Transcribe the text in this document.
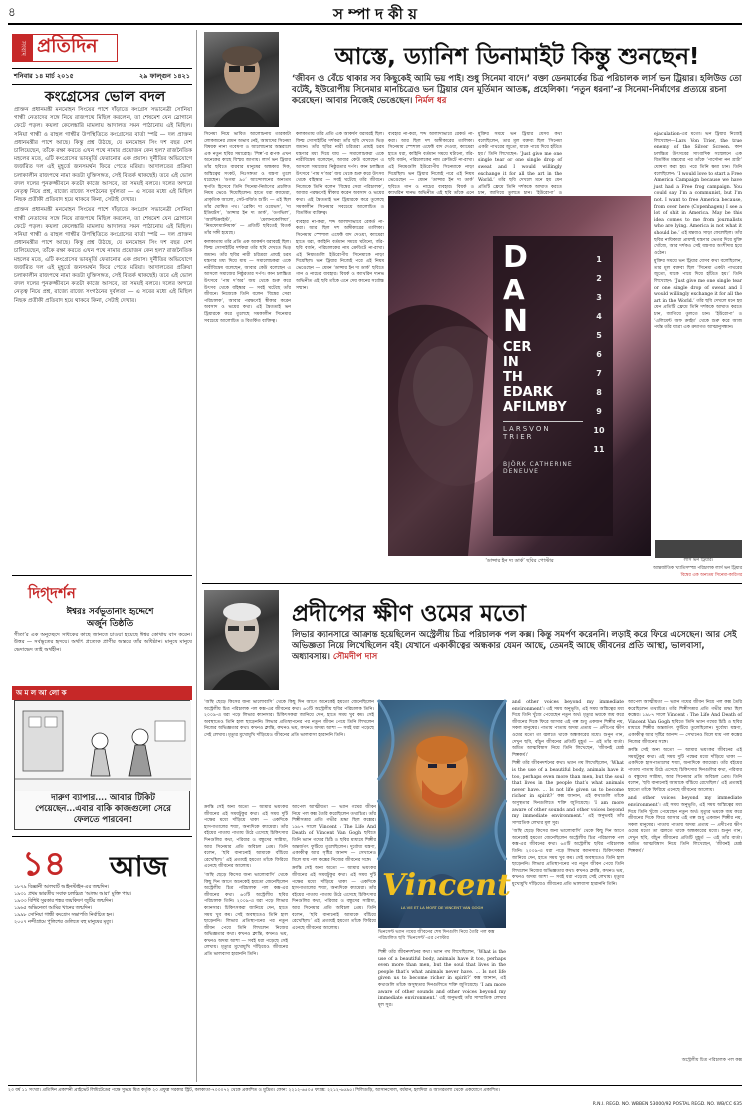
৪	স ম্পা দ কী য়
সংবাদ প্রতিদিন
শনিবার ১৪ মার্চ ২০১৫	২৯ ফাল্গুন ১৪২১
কংগ্রেসের ভোল বদল

প্রাক্তন প্রধানমন্ত্রী মনমোহন সিংয়ের পাশে দাঁড়াতে কংগ্রেস সভানেত্রী সোনিয়া গান্ধী নেতাদের সঙ্গে নিয়ে রাজপথে মিছিল করলেন, তা শেষমেশ যেন স্লোগানে ফেটে পড়ল। কয়লা কেলেঙ্কারি মামলায় আদালত সমন পাঠানোয় এই মিছিল। সনিয়া গান্ধী ও রাহুল গান্ধীর উপস্থিতিতে কংগ্রেসের বার্তা স্পষ্ট — দল প্রাক্তন প্রধানমন্ত্রীর পাশে আছে। কিন্তু প্রশ্ন উঠছে, যে মনমোহন সিং দশ বছর দেশ চালিয়েছেন, তাঁকে রক্ষা করতে এখন পথে নামার প্রয়োজন কেন হল? রাজনৈতিক মহলের মতে, এটি কংগ্রেসের ভাবমূর্তি ফেরানোর এক প্রয়াস। দুর্নীতির অভিযোগে জর্জরিত দল এই মুহূর্তে জনসমর্থন ফিরে পেতে মরিয়া। আদালতের প্রক্রিয়া চলাকালীন রাজপথে নামা কতটা যুক্তিসঙ্গত, সেই বিতর্ক থাকছেই। তবে এই ভোল বদল দলের পুনরুজ্জীবনে কতটা কাজে আসবে, তা সময়ই বলবে। দলের অন্দরে নেতৃত্ব নিয়ে প্রশ্ন, রাজ্যে রাজ্যে সংগঠনের দুর্বলতা — এ সবের মধ্যে এই মিছিল নিছক প্রতীকী প্রতিবাদ হয়ে থাকবে কিনা, সেটাই দেখার।

প্রাক্তন প্রধানমন্ত্রী মনমোহন সিংয়ের পাশে দাঁড়াতে কংগ্রেস সভানেত্রী সোনিয়া গান্ধী নেতাদের সঙ্গে নিয়ে রাজপথে মিছিল করলেন, তা শেষমেশ যেন স্লোগানে ফেটে পড়ল। কয়লা কেলেঙ্কারি মামলায় আদালত সমন পাঠানোয় এই মিছিল। সনিয়া গান্ধী ও রাহুল গান্ধীর উপস্থিতিতে কংগ্রেসের বার্তা স্পষ্ট — দল প্রাক্তন প্রধানমন্ত্রীর পাশে আছে। কিন্তু প্রশ্ন উঠছে, যে মনমোহন সিং দশ বছর দেশ চালিয়েছেন, তাঁকে রক্ষা করতে এখন পথে নামার প্রয়োজন কেন হল? রাজনৈতিক মহলের মতে, এটি কংগ্রেসের ভাবমূর্তি ফেরানোর এক প্রয়াস। দুর্নীতির অভিযোগে জর্জরিত দল এই মুহূর্তে জনসমর্থন ফিরে পেতে মরিয়া। আদালতের প্রক্রিয়া চলাকালীন রাজপথে নামা কতটা যুক্তিসঙ্গত, সেই বিতর্ক থাকছেই। তবে এই ভোল বদল দলের পুনরুজ্জীবনে কতটা কাজে আসবে, তা সময়ই বলবে। দলের অন্দরে নেতৃত্ব নিয়ে প্রশ্ন, রাজ্যে রাজ্যে সংগঠনের দুর্বলতা — এ সবের মধ্যে এই মিছিল নিছক প্রতীকী প্রতিবাদ হয়ে থাকবে কিনা, সেটাই দেখার।

দিগ্‌দর্শন
ঈশ্বরঃ সর্বভূতানাং হৃদ্দেশে
অর্জুন তিষ্ঠতি
গীতা’র এক অনুচ্ছেদে সাধকের কাছে জানতে চাওয়া হয়েছে ঈশ্বর কোথায় বাস করেন। উত্তর — সর্বভূতের হৃদয়ে। অর্থাৎ প্রত্যেক প্রাণীর অন্তরে তাঁর অধিষ্ঠান। মানুষে মানুষে ভেদাভেদ তাই অর্থহীন।
অ ম ল আ লো ক
দারুণ ব্যাপার.... আবার টিকিট পেয়েছেন...এবার বাকি কাজগুলো সেরে ফেলতে পারবেন!
১৪ আজ
১৮৭৯ বিজ্ঞানী আলবার্ট আইনস্টাইন-এর জন্মদিন।
১৯৩১ প্রথম ভারতীয় সবাক চলচ্চিত্র ‘আলম আরা’ মুক্তি পায়।
১৯৩৩ বিশিষ্ট সুরকার শঙ্কর জয়কিষণ জুটির জন্মদিন।
১৯৬৫ অভিনেতা আমির খানের জন্মদিন।
১৯৯৮ সোনিয়া গান্ধী কংগ্রেস সভাপতি নির্বাচিত হন।
২০০৭ নন্দীগ্রামে পুলিশের গুলিতে বহু মানুষের মৃত্যু।
আস্তে, ড্যানিশ ডিনামাইট কিন্তু শুনছেন!
‘জীবন ও বেঁচে থাকার সব কিছুকেই আমি ভয় পাই। শুধু সিনেমা বাদে।’ বক্তা ডেনমার্কের চিত্র পরিচালক লার্স ভন ট্রিয়ার। হলিউড তো বটেই, ইউরোপীয় সিনেমার মানচিত্রেও ভন ট্রিয়ার যেন মূর্তিমান আতঙ্ক, প্রহেলিকা। ‘নতুন ধরনা’-র সিনেমা-নির্মাণের প্রত্যয়ে রচনা করেছেন। আবার নিজেই ভেঙেছেন। নির্মল ধর

সিনেমা নিয়ে ভাবিত আলোচনায় তারকাটা লোকজনের যেমন অভাব নেই, আমাদের সিনেমা বিষয়ক নানা গবেষণা ও আলোচনার অন্তরালে এক নতুন ছবির সমারোহ। ‘শিল্প’-র রূপক এখন অনেকের কাছে বিস্ময় জাগায়। লার্স ভন ট্রিয়ার তাঁর ছবিতে বারবার মানুষের অন্ধকার দিক, অস্তিত্বের সংকট, নিঃসঙ্গতা ও যন্ত্রণা তুলে ধরেছেন। ‘ডগমা ৯৫’ আন্দোলনের অন্যতম স্থপতি হিসেবে তিনি সিনেমা-নির্মাণের প্রচলিত নিয়ম ভেঙে দিয়েছিলেন। হাতে ধরা ক্যামেরা, প্রাকৃতিক আলো, সেট-বর্জিত শুটিং — এই ছিল তাঁর ঘোষিত পথ। ‘ব্রেকিং দ্য ওয়েভস’, ‘দ্য ইডিয়টস’, ‘ডান্সার ইন দ্য ডার্ক’, ‘ডগভিল’, ‘অ্যান্টিক্রাইস্ট’, ‘মেলানকোলিয়া’, ‘নিমফোম্যানিয়াক’ — প্রতিটি ছবিতেই বিতর্ক তাঁর সঙ্গী হয়েছে।

কলকাতায় তাঁর প্রতি এক আকর্ষণ বরাবরই ছিল। ফিল্ম সোসাইটির দর্শকরা তাঁর ছবি দেখতে ভিড় জমান। তাঁর ছবির নারী চরিত্ররা প্রায়ই চরম যন্ত্রণার মধ্য দিয়ে যায় — সমালোচকরা একে নারীবিদ্বেষ বলেছেন, আবার কেউ বলেছেন এ আসলে সমাজের নিষ্ঠুরতার দর্পণ। কান চলচ্চিত্র উৎসবে ‘পাম দ’অর’ জয় থেকে শুরু করে উৎসব থেকে বহিষ্কার — সবই ঘটেছে তাঁর জীবনে। নিজেকে তিনি বলেন ‘বিশ্বের সেরা পরিচালক’, আবার পরক্ষণেই স্বীকার করেন অবসাদ ও ভয়ের কথা। এই দ্বৈততাই ভন ট্রিয়ারকে করে তুলেছে সমকালীন সিনেমার সবচেয়ে আলোচিত ও বিতর্কিত ব্যক্তিত্ব।

কলকাতায় তাঁর প্রতি এক আকর্ষণ বরাবরই ছিল। ফিল্ম সোসাইটির দর্শকরা তাঁর ছবি দেখতে ভিড় জমান। তাঁর ছবির নারী চরিত্ররা প্রায়ই চরম যন্ত্রণার মধ্য দিয়ে যায় — সমালোচকরা একে নারীবিদ্বেষ বলেছেন, আবার কেউ বলেছেন এ আসলে সমাজের নিষ্ঠুরতার দর্পণ। কান চলচ্চিত্র উৎসবে ‘পাম দ’অর’ জয় থেকে শুরু করে উৎসব থেকে বহিষ্কার — সবই ঘটেছে তাঁর জীবনে। নিজেকে তিনি বলেন ‘বিশ্বের সেরা পরিচালক’, আবার পরক্ষণেই স্বীকার করেন অবসাদ ও ভয়ের কথা। এই দ্বৈততাই ভন ট্রিয়ারকে করে তুলেছে সমকালীন সিনেমার সবচেয়ে আলোচিত ও বিতর্কিত ব্যক্তিত্ব।

ব্যবহার না-করা, শব্দ আলাদাভাবে রেকর্ড না-করা। আর ছিল দশ অঙ্গীকারের তালিকা। সিনেমায় স্পেশাল এফেক্ট বাদ দেওয়া, ক্যামেরা হাতে ধরা, কাহিনি বর্তমান সময়ে ঘটানো, জঁর-ছবি বর্জন, পরিচালকের নাম ক্রেডিটে না-রাখা। এই নিয়মগুলি ইউরোপীয় সিনেমাকে নাড়া দিয়েছিল। ভন ট্রিয়ার নিজেই পরে এই নিয়ম ভেঙেছেন — যেমন ‘ডান্সার ইন দ্য ডার্ক’ ছবিতে গান ও নাচের ব্যবহার। বিয়র্ক ও ক্যাথরিন দ্যনভ অভিনীত এই ছবি তাঁকে এনে দেয় কানের সর্বোচ্চ সম্মান।

ব্যবহার না-করা, শব্দ আলাদাভাবে রেকর্ড না-করা। আর ছিল দশ অঙ্গীকারের তালিকা। সিনেমায় স্পেশাল এফেক্ট বাদ দেওয়া, ক্যামেরা হাতে ধরা, কাহিনি বর্তমান সময়ে ঘটানো, জঁর-ছবি বর্জন, পরিচালকের নাম ক্রেডিটে না-রাখা। এই নিয়মগুলি ইউরোপীয় সিনেমাকে নাড়া দিয়েছিল। ভন ট্রিয়ার নিজেই পরে এই নিয়ম ভেঙেছেন — যেমন ‘ডান্সার ইন দ্য ডার্ক’ ছবিতে গান ও নাচের ব্যবহার। বিয়র্ক ও ক্যাথরিন দ্যনভ অভিনীত এই ছবি তাঁকে এনে

মুক্তির সময়ে ভন ট্রিয়ার যেসব কথা বলেছিলেন, তার মূল বক্তব্য ছিল ‘সিনেমা একটা পাথরের জুতো, যাকে পায়ে দিয়ে হাঁটতে হয়।’ তিনি লিখেছেন: ‘Just give me one single tear or one single drop of sweat and I would willingly exchange it for all the art in the World.’ তাঁর ছবি দেখলে মনে হয় যেন প্রতিটি ফ্রেমে তিনি দর্শককে আঘাত করতে চান, জাগিয়ে তুলতে চান। ‘ইউরোপা’ ও

ejaculation-এর মতো। ভন ট্রিয়ার নিজেই লিখেছেন—Lars Von Trier, the true enemy of the Silver Screen. কান চলচ্চিত্র উৎসবের সাংবাদিক সম্মেলনে এক বিতর্কিত মন্তব্যের পর তাঁকে ‘পার্সোনা নন গ্রাটা’ ঘোষণা করা হয়। পরে তিনি ক্ষমা চান। তিনি বলেছিলেন: ‘I would love to start a Free America Campaign because we have just had a Free frog campaign. You could say I’m a communist, but I’m not. I want to free America because, from over here (Copenhagen) I see a lot of shit in America. May be this idea comes to me from journalists who are lying. America is not what it should be.’ এই মন্তব্যও সাড়া ফেলেছিল। তাঁর ছবির নায়িকারা প্রায়শই যন্ত্রণার ভেতর দিয়ে মুক্তি খোঁজে, আর দর্শকও সেই যন্ত্রণার অংশীদার হয়ে ওঠেন।

মুক্তির সময়ে ভন ট্রিয়ার যেসব কথা বলেছিলেন, তার মূল বক্তব্য ছিল ‘সিনেমা একটা পাথরের জুতো, যাকে পায়ে দিয়ে হাঁটতে হয়।’ তিনি লিখেছেন: ‘Just give me one single tear or one single drop of sweat and I would willingly exchange it for all the art in the World.’ তাঁর ছবি দেখলে মনে হয় যেন প্রতিটি ফ্রেমে তিনি দর্শককে আঘাত করতে চান, জাগিয়ে তুলতে চান। ‘ইউরোপা’ ও ‘এলিমেন্ট অফ ক্রাইম’ থেকে শুরু করে আজ পর্যন্ত তাঁর যাত্রা এক ক্রমাগত আত্মানুসন্ধান।

D
A
N
CER
IN
TH
EDARK
AFILMBY
LARSVON TRIER
BJÖRK CATHERINE DENEUVE
1
2
3
4
5
6
7
8
9
10
11
‘ডান্সার ইন দ্য ডার্ক’ ছবির পোস্টার	লার্স ভন ট্রিয়ার।
আন্তর্জাতিক খ্যাতিসম্পন্ন পরিচালক লার্স ভন ট্রিয়ার
বিশ্বের এক অন্যতম সিনেমা-কারিগর
প্রদীপের ক্ষীণ ওমের মতো
লিভার ক্যানসারে আক্রান্ত হয়েছিলেন অস্ট্রেলীয় চিত্র পরিচালক পল কক্স। কিন্তু সমর্পণ করেননি। লড়াই করে ফিরে এসেছেন। আর সেই অভিজ্ঞতা নিয়ে লিখেছিলেন বই। যেখানে একাকীত্বের অন্ধকার যেমন আছে, তেমনই আছে জীবনের প্রতি আস্থা, ভালবাসা, অধ্যাবসায়। সৌমদীপ দাস

‘অস্থি ছেড়ে কিসের জন্য ভালোবাসি’ থেকে কিছু দিন আগে অনেকেই হয়তো জেনেছিলেন অস্ট্রেলীয় চিত্র পরিচালক পল কক্স-এর জীবনের কথা। ৬০টি অস্ট্রেলীয় ছবির পরিচালক তিনি। ২০০৯-এ ধরা পড়ে লিভার ক্যানসার। চিকিৎসকরা জানিয়ে দেন, হাতে সময় খুব কম। সেই অবস্থাতেও তিনি হাল ছাড়েননি। লিভার প্রতিস্থাপনের পর নতুন জীবন পেয়ে তিনি লিখলেন নিজের অভিজ্ঞতার কথা। কখনও ক্লান্তি, কখনও ভয়, কখনও অদম্য আশা — সবই ধরা পড়েছে সেই লেখায়। মৃত্যুর মুখোমুখি দাঁড়িয়েও জীবনের প্রতি ভালবাসা হারাননি তিনি।

ক্রান্তি সেই অন্য অতো — আমার ভয়ংকর জীবনের এই সময়টুকুর কথা। এই সময় দুটি পক্ষের মধ্যে দাঁড়িয়ে থাকা — একদিকে হাসপাতালের শয্যা, অন্যদিকে ক্যামেরা। তাঁর বইয়ের পাতায় পাতায় উঠে এসেছে চিকিৎসার দিনগুলির কথা, পরিবার ও বন্ধুদের সান্নিধ্য, আর সিনেমার প্রতি অবিচল প্রেম। তিনি বলেন, ‘ছবি বানানোই আমাকে বাঁচিয়ে রেখেছিল।’ এই প্রত্যয়ই হয়তো তাঁকে ফিরিয়ে এনেছে জীবনের আলোয়।

‘অস্থি ছেড়ে কিসের জন্য ভালোবাসি’ থেকে কিছু দিন আগে অনেকেই হয়তো জেনেছিলেন অস্ট্রেলীয় চিত্র পরিচালক পল কক্স-এর জীবনের কথা। ৬০টি অস্ট্রেলীয় ছবির পরিচালক তিনি। ২০০৯-এ ধরা পড়ে লিভার ক্যানসার। চিকিৎসকরা জানিয়ে দেন, হাতে সময় খুব কম। সেই অবস্থাতেও তিনি হাল ছাড়েননি। লিভার প্রতিস্থাপনের পর নতুন জীবন পেয়ে তিনি লিখলেন নিজের অভিজ্ঞতার কথা। কখনও ক্লান্তি, কখনও ভয়, কখনও অদম্য আশা — সবই ধরা পড়েছে সেই লেখায়। মৃত্যুর মুখোমুখি দাঁড়িয়েও জীবনের প্রতি ভালবাসা হারাননি তিনি।

আপেল আত্মীয়তা — ভ্যান গঘের জীবন নিয়ে পল কক্স তৈরি করেছিলেন তথ্যচিত্র। তাঁর শিল্পীসত্তার প্রতি গভীর শ্রদ্ধা ছিল কক্সের। ১৯৮৭ সালে Vincent : The Life And Death of Vincent Van Gogh ছবিতে তিনি ভ্যান গঘের চিঠি ও ছবির মাধ্যমে শিল্পীর অন্তর্জগৎ ফুটিয়ে তুলেছিলেন। দুর্বোধ্য যন্ত্রণা, একাকীত্ব আর সৃষ্টির আনন্দ — সেখানেও মিলে যায় পল কক্সের নিজের জীবনের সঙ্গে।

ক্রান্তি সেই অন্য অতো — আমার ভয়ংকর জীবনের এই সময়টুকুর কথা। এই সময় দুটি পক্ষের মধ্যে দাঁড়িয়ে থাকা — একদিকে হাসপাতালের শয্যা, অন্যদিকে ক্যামেরা। তাঁর বইয়ের পাতায় পাতায় উঠে এসেছে চিকিৎসার দিনগুলির কথা, পরিবার ও বন্ধুদের সান্নিধ্য, আর সিনেমার প্রতি অবিচল প্রেম। তিনি বলেন, ‘ছবি বানানোই আমাকে বাঁচিয়ে রেখেছিল।’ এই প্রত্যয়ই হয়তো তাঁকে ফিরিয়ে এনেছে জীবনের আলোয়।

Vincent
LA VIE ET LA MORT DE VINCENT VAN GOGH
ভিনসেন্ট ভ্যান গঘের জীবনের শেষ দিনগুলি নিয়ে তৈরি পল কক্স পরিচালিত ছবি ‘ভিনসেন্ট’-এর পোস্টার

শিল্পী তাঁর জীবনদর্শনের কথা। ভ্যান গঘ লিখেছিলেন, ‘What is the use of a beautiful body, animals have it too, perhaps even more than men, but the soul that lives in the people that’s what animals never have. ... Is not life given us to become richer in spirit?’ কক্স জানান, এই কথাগুলি তাঁকে অসুস্থতার দিনগুলিতে শক্তি জুগিয়েছে। ‘I am more aware of other sounds and other voices beyond my immediate environment.’ এই অনুভবই তাঁর সাম্প্রতিক লেখার মূল সুর।

and other voices beyond my immediate environment’। এই সময় অনুভূতি, এই সময় অস্তিত্বের মধ্য দিয়ে তিনি খুঁজে পেয়েছেন নতুন অর্থ। মৃত্যুর ভয়কে জয় করে জীবনের দিকে ফিরে আসার এই গল্প শুধু একজন শিল্পীর নয়, সকল মানুষের। পাতায় পাতায় অদম্য প্রত্যয় — প্রদীপের ক্ষীণ ওমের মতো তা জ্বলতে থাকে অন্ধকারের মধ্যে। শুনুন গান, দেখুন ছবি, বাঁচুন জীবনের প্রতিটি মুহূর্ত — এই তাঁর বার্তা। অমিত আত্মবিশ্বাস নিয়ে তিনি লিখেছেন, ‘জীবনই শ্রেষ্ঠ শিল্পকর্ম।’

শিল্পী তাঁর জীবনদর্শনের কথা। ভ্যান গঘ লিখেছিলেন, ‘What is the use of a beautiful body, animals have it too, perhaps even more than men, but the soul that lives in the people that’s what animals never have. ... Is not life given us to become richer in spirit?’ কক্স জানান, এই কথাগুলি তাঁকে অসুস্থতার দিনগুলিতে শক্তি জুগিয়েছে। ‘I am more aware of other sounds and other voices beyond my immediate environment.’ এই অনুভবই তাঁর সাম্প্রতিক লেখার মূল সুর।

‘অস্থি ছেড়ে কিসের জন্য ভালোবাসি’ থেকে কিছু দিন আগে অনেকেই হয়তো জেনেছিলেন অস্ট্রেলীয় চিত্র পরিচালক পল কক্স-এর জীবনের কথা। ৬০টি অস্ট্রেলীয় ছবির পরিচালক তিনি। ২০০৯-এ ধরা পড়ে লিভার ক্যানসার। চিকিৎসকরা জানিয়ে দেন, হাতে সময় খুব কম। সেই অবস্থাতেও তিনি হাল ছাড়েননি। লিভার প্রতিস্থাপনের পর নতুন জীবন পেয়ে তিনি লিখলেন নিজের অভিজ্ঞতার কথা। কখনও ক্লান্তি, কখনও ভয়, কখনও অদম্য আশা — সবই ধরা পড়েছে সেই লেখায়। মৃত্যুর মুখোমুখি দাঁড়িয়েও জীবনের প্রতি ভালবাসা হারাননি তিনি।

আপেল আত্মীয়তা — ভ্যান গঘের জীবন নিয়ে পল কক্স তৈরি করেছিলেন তথ্যচিত্র। তাঁর শিল্পীসত্তার প্রতি গভীর শ্রদ্ধা ছিল কক্সের। ১৯৮৭ সালে Vincent : The Life And Death of Vincent Van Gogh ছবিতে তিনি ভ্যান গঘের চিঠি ও ছবির মাধ্যমে শিল্পীর অন্তর্জগৎ ফুটিয়ে তুলেছিলেন। দুর্বোধ্য যন্ত্রণা, একাকীত্ব আর সৃষ্টির আনন্দ — সেখানেও মিলে যায় পল কক্সের নিজের জীবনের সঙ্গে।

ক্রান্তি সেই অন্য অতো — আমার ভয়ংকর জীবনের এই সময়টুকুর কথা। এই সময় দুটি পক্ষের মধ্যে দাঁড়িয়ে থাকা — একদিকে হাসপাতালের শয্যা, অন্যদিকে ক্যামেরা। তাঁর বইয়ের পাতায় পাতায় উঠে এসেছে চিকিৎসার দিনগুলির কথা, পরিবার ও বন্ধুদের সান্নিধ্য, আর সিনেমার প্রতি অবিচল প্রেম। তিনি বলেন, ‘ছবি বানানোই আমাকে বাঁচিয়ে রেখেছিল।’ এই প্রত্যয়ই হয়তো তাঁকে ফিরিয়ে এনেছে জীবনের আলোয়।

and other voices beyond my immediate environment’। এই সময় অনুভূতি, এই সময় অস্তিত্বের মধ্য দিয়ে তিনি খুঁজে পেয়েছেন নতুন অর্থ। মৃত্যুর ভয়কে জয় করে জীবনের দিকে ফিরে আসার এই গল্প শুধু একজন শিল্পীর নয়, সকল মানুষের। পাতায় পাতায় অদম্য প্রত্যয় — প্রদীপের ক্ষীণ ওমের মতো তা জ্বলতে থাকে অন্ধকারের মধ্যে। শুনুন গান, দেখুন ছবি, বাঁচুন জীবনের প্রতিটি মুহূর্ত — এই তাঁর বার্তা। অমিত আত্মবিশ্বাস নিয়ে তিনি লিখেছেন, ‘জীবনই শ্রেষ্ঠ শিল্পকর্ম।’

অস্ট্রেলীয় চিত্র পরিচালক পল কক্স
২৩ বর্ষ ১১ সংখ্যা। প্রতিদিন প্রকাশনী প্রাইভেট লিমিটেডের পক্ষে সুভদ্র মিত্র কর্তৃক ২০ প্রফুল্ল সরকার স্ট্রিট, কলকাতা-৭০০০৭২ থেকে প্রকাশিত ও মুদ্রিত। ফোন: ২২১২-৬৫০৫ ফ্যাক্স: ২২১২-৬৫৯৫। শিলিগুড়ি, আসানসোল, বর্ধমান, হলদিয়া ও আগরতলা থেকে একযোগে প্রকাশিত।
R.N.I. REGD. NO. WBBEN 53000/92 POSTAL REGD. NO. WB/CC 635
